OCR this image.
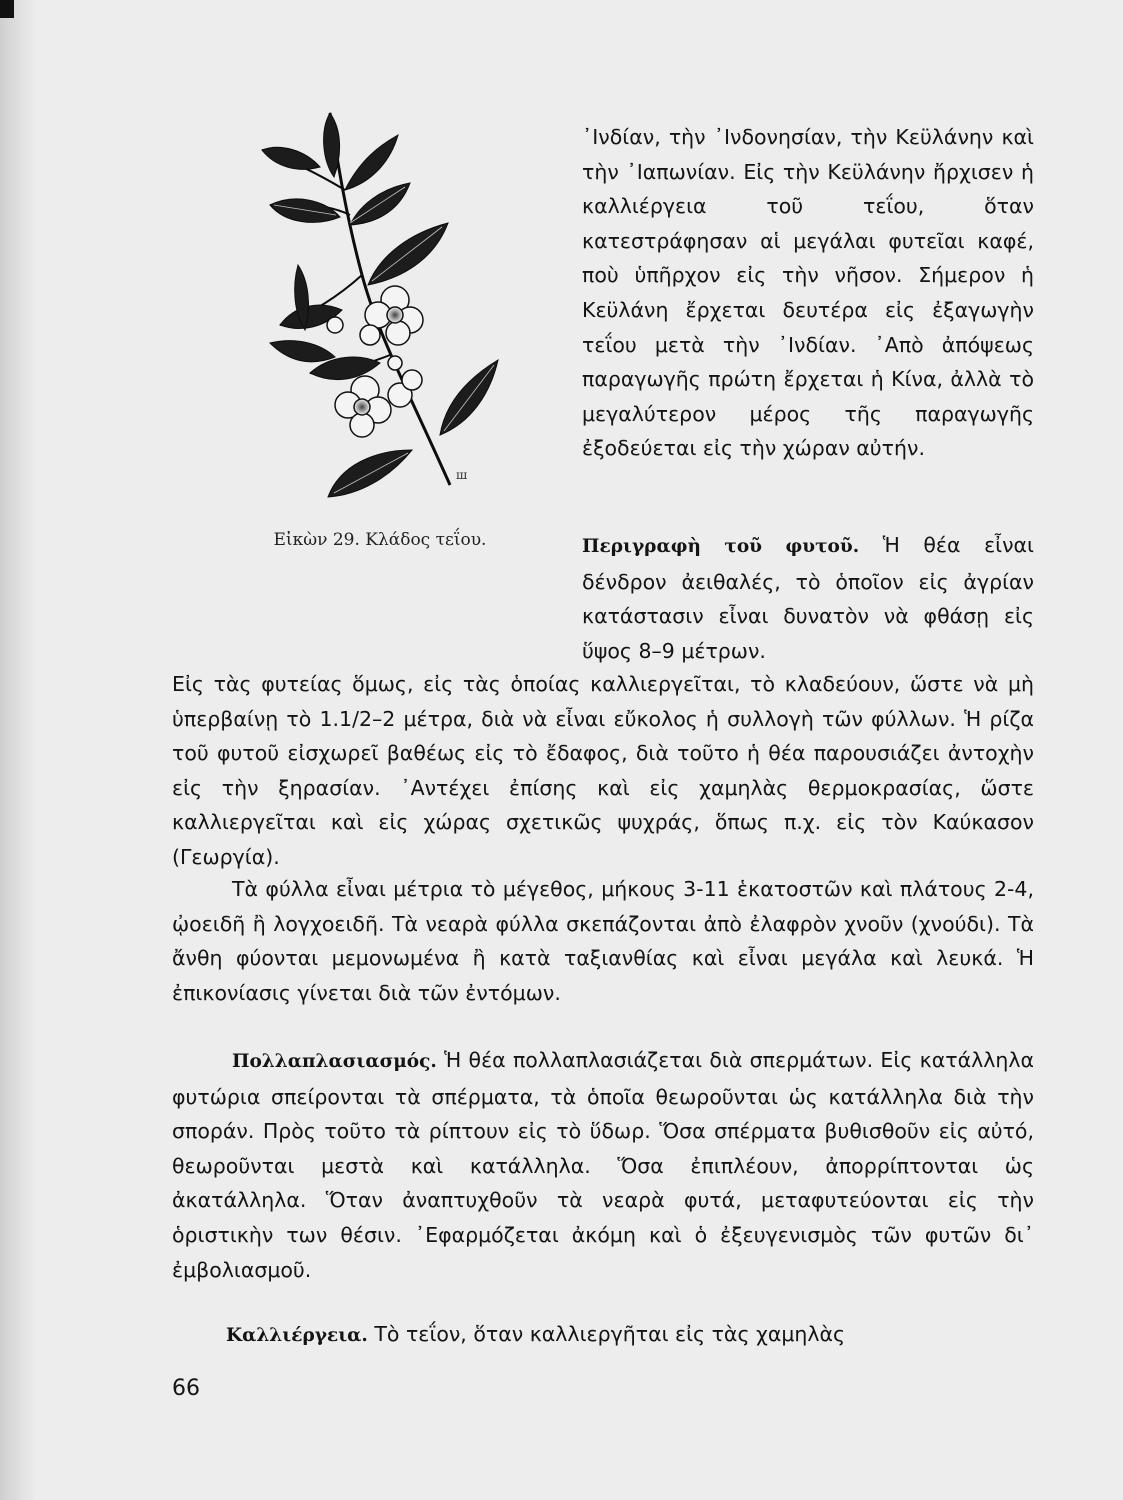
ш
Εἰκὼν 29. Κλάδος τεΐου.

᾿Ινδίαν, τὴν ᾿Ινδονησίαν, τὴν Κεϋλάνην καὶ τὴν ᾿Ιαπωνίαν. Εἰς τὴν Κεϋλάνην ἤρχισεν ἡ καλλιέργεια τοῦ τεΐου, ὅταν κατεστράφησαν αἱ μεγάλαι φυτεῖαι καφέ, ποὺ ὑπῆρχον εἰς τὴν νῆσον. Σήμερον ἡ Κεϋλάνη ἔρχεται δευτέρα εἰς ἐξαγωγὴν τεΐου μετὰ τὴν ᾿Ινδίαν. ᾿Απὸ ἀπόψεως παραγωγῆς πρώτη ἔρχεται ἡ Κίνα, ἀλλὰ τὸ μεγαλύτερον μέρος τῆς παραγωγῆς ἐξοδεύεται εἰς τὴν χώραν αὐτήν.

Περιγραφὴ τοῦ φυτοῦ. Ἡ θέα εἶναι δένδρον ἀειθαλές, τὸ ὁποῖον εἰς ἀγρίαν κατάστασιν εἶναι δυνατὸν νὰ φθάσῃ εἰς ὕψος 8–9 μέτρων.

Εἰς τὰς φυτείας ὅμως, εἰς τὰς ὁποίας καλλιεργεῖται, τὸ κλαδεύουν, ὥστε νὰ μὴ ὑπερβαίνῃ τὸ 1.1/2–2 μέτρα, διὰ νὰ εἶναι εὔκολος ἡ συλλογὴ τῶν φύλλων. Ἡ ρίζα τοῦ φυτοῦ εἰσχωρεῖ βαθέως εἰς τὸ ἔδαφος, διὰ τοῦτο ἡ θέα παρουσιάζει ἀντοχὴν εἰς τὴν ξηρασίαν. ᾿Αντέχει ἐπίσης καὶ εἰς χαμηλὰς θερμοκρασίας, ὥστε καλλιεργεῖται καὶ εἰς χώρας σχετικῶς ψυχράς, ὅπως π.χ. εἰς τὸν Καύκασον (Γεωργία).

Τὰ φύλλα εἶναι μέτρια τὸ μέγεθος, μήκους 3-11 ἑκατοστῶν καὶ πλάτους 2-4, ᾠοειδῆ ἢ λογχοειδῆ. Τὰ νεαρὰ φύλλα σκεπάζονται ἀπὸ ἐλαφρὸν χνοῦν (χνούδι). Τὰ ἄνθη φύονται μεμονωμένα ἢ κατὰ ταξιανθίας καὶ εἶναι μεγάλα καὶ λευκά. Ἡ ἐπικονίασις γίνεται διὰ τῶν ἐντόμων.

Πολλαπλασιασμός. Ἡ θέα πολλαπλασιάζεται διὰ σπερμάτων. Εἰς κατάλληλα φυτώρια σπείρονται τὰ σπέρματα, τὰ ὁποῖα θεωροῦνται ὡς κατάλληλα διὰ τὴν σποράν. Πρὸς τοῦτο τὰ ρίπτουν εἰς τὸ ὕδωρ. Ὅσα σπέρματα βυθισθοῦν εἰς αὐτό, θεωροῦνται μεστὰ καὶ κατάλληλα. Ὅσα ἐπιπλέουν, ἀπορρίπτονται ὡς ἀκατάλληλα. Ὅταν ἀναπτυχθοῦν τὰ νεαρὰ φυτά, μεταφυτεύονται εἰς τὴν ὁριστικὴν των θέσιν. ᾿Εφαρμόζεται ἀκόμη καὶ ὁ ἐξευγενισμὸς τῶν φυτῶν δι᾿ ἐμβολιασμοῦ.

Καλλιέργεια. Τὸ τεΐον, ὅταν καλλιεργῆται εἰς τὰς χαμηλὰς

66
